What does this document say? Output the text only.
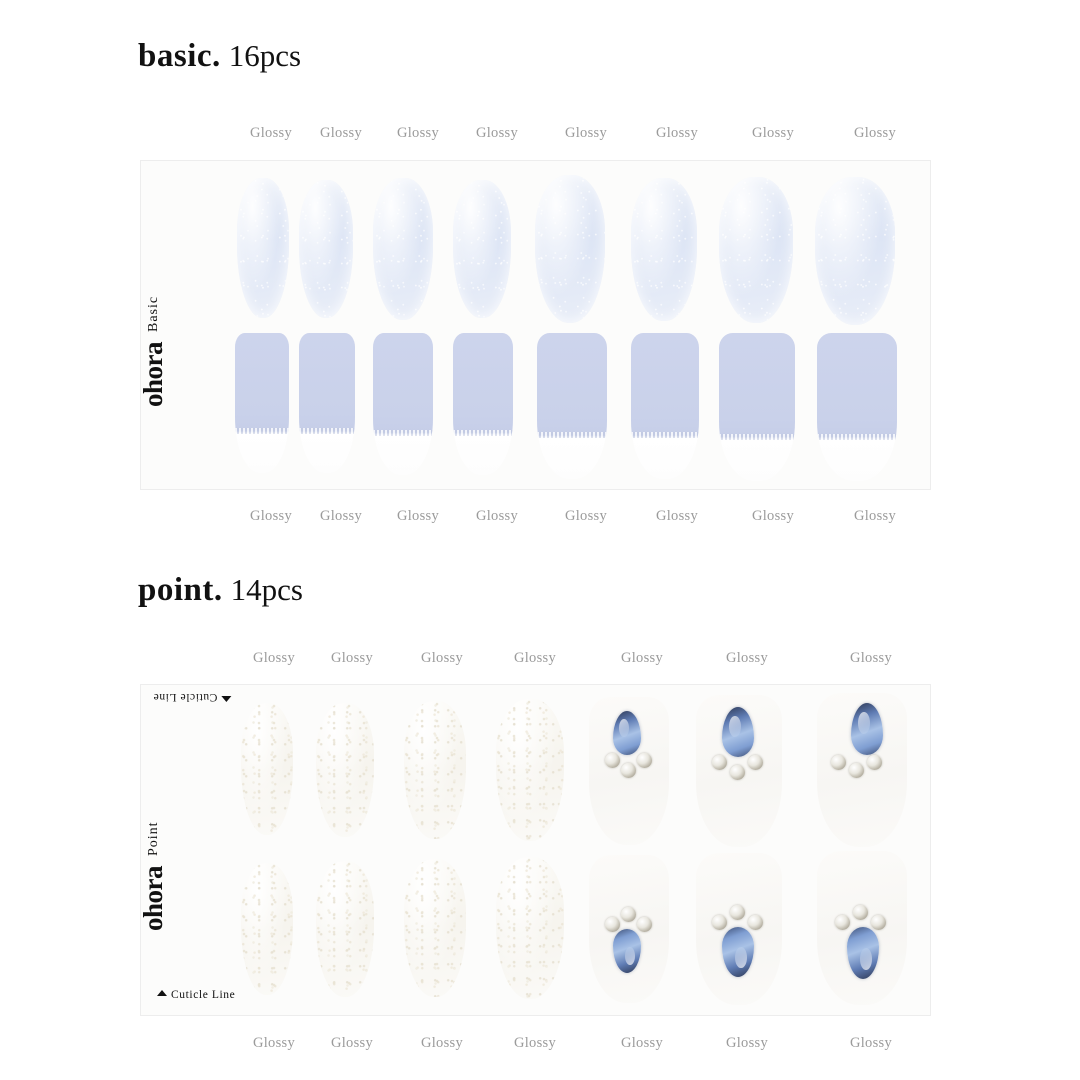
basic. 16pcs
Glossy	Glossy	Glossy	Glossy	Glossy	Glossy	Glossy	Glossy
ohoraBasic
Glossy	Glossy	Glossy	Glossy	Glossy	Glossy	Glossy	Glossy
point. 14pcs
Glossy	Glossy	Glossy	Glossy	Glossy	Glossy	Glossy
Cuticle Line
Cuticle Line
ohoraPoint
Glossy	Glossy	Glossy	Glossy	Glossy	Glossy	Glossy
